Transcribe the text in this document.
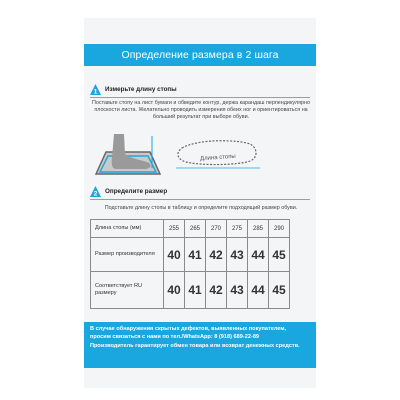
Определение размера в 2 шага
1 Измерьте длину стопы
Поставьте стопу на лист бумаги и обведите контур, держа карандаш перпендикулярно плоскости листа. Желательно проводить измерения обеих ног и ориентироваться на больший результат при выборе обуви.
Длина стопы
2 Определите размер
Подставьте длину стопы в таблицу и определите подходящий размер обуви.
Длина стопы (мм)	255	265	270	275	285	290
Размер производителя	40	41	42	43	44	45
Соответствует RU размеру	40	41	42	43	44	45
В случае обнаружения скрытых дефектов, выявленных покупателем,
просим связаться с нами по тел./WhatsApp: 8 (918) 689-22-89
Производитель гарантирует обмен товара или возврат денежных средств.
